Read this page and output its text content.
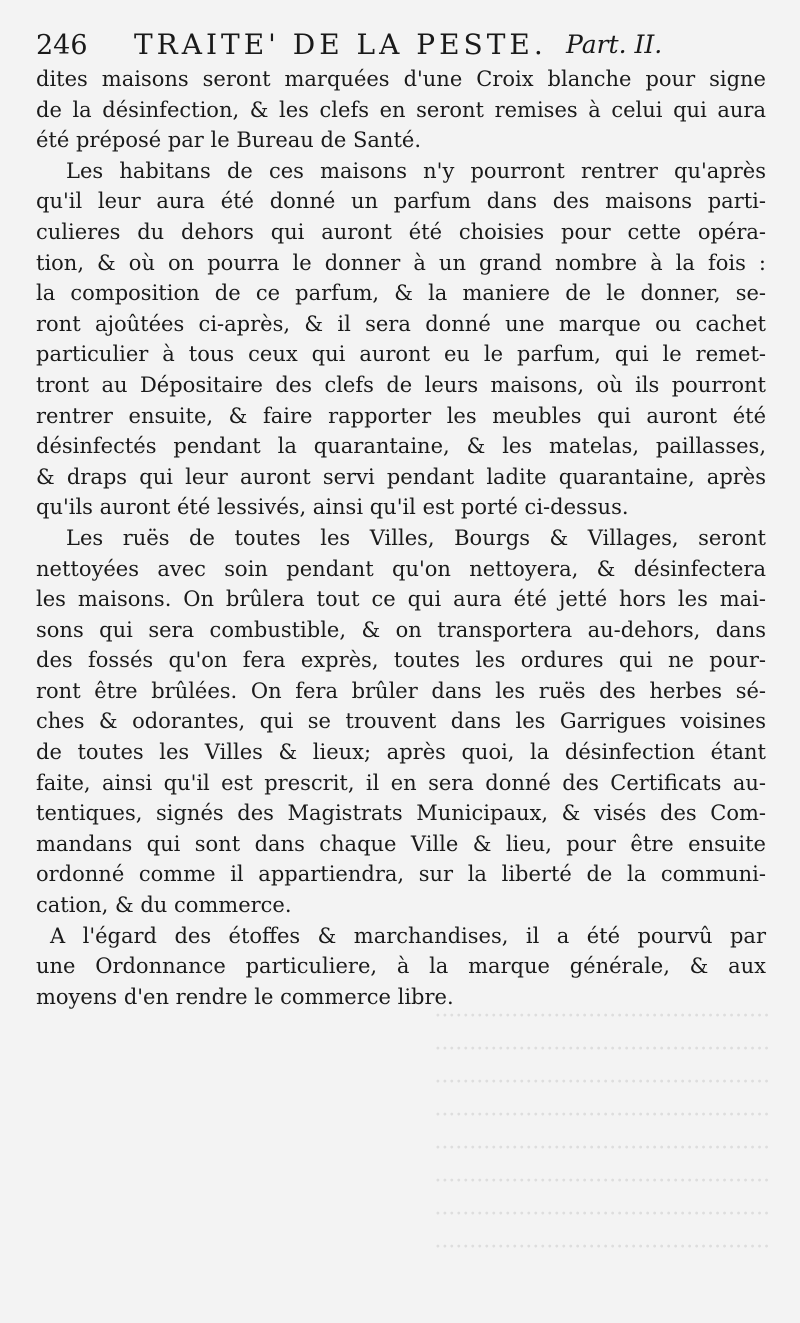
················································
················································
················································
················································
················································
················································
················································
················································
246 TRAITE' DE LA PESTE. Part. II.
dites maisons seront marquées d'une Croix blanche pour signe
de la désinfection, & les clefs en seront remises à celui qui aura
été préposé par le Bureau de Santé.
Les habitans de ces maisons n'y pourront rentrer qu'après
qu'il leur aura été donné un parfum dans des maisons parti-
culieres du dehors qui auront été choisies pour cette opéra-
tion, & où on pourra le donner à un grand nombre à la fois :
la composition de ce parfum, & la maniere de le donner, se-
ront ajoûtées ci-après, & il sera donné une marque ou cachet
particulier à tous ceux qui auront eu le parfum, qui le remet-
tront au Dépositaire des clefs de leurs maisons, où ils pourront
rentrer ensuite, & faire rapporter les meubles qui auront été
désinfectés pendant la quarantaine, & les matelas, paillasses,
& draps qui leur auront servi pendant ladite quarantaine, après
qu'ils auront été lessivés, ainsi qu'il est porté ci-dessus.
Les ruës de toutes les Villes, Bourgs & Villages, seront
nettoyées avec soin pendant qu'on nettoyera, & désinfectera
les maisons. On brûlera tout ce qui aura été jetté hors les mai-
sons qui sera combustible, & on transportera au-dehors, dans
des fossés qu'on fera exprès, toutes les ordures qui ne pour-
ront être brûlées. On fera brûler dans les ruës des herbes sé-
ches & odorantes, qui se trouvent dans les Garrigues voisines
de toutes les Villes & lieux; après quoi, la désinfection étant
faite, ainsi qu'il est prescrit, il en sera donné des Certificats au-
tentiques, signés des Magistrats Municipaux, & visés des Com-
mandans qui sont dans chaque Ville & lieu, pour être ensuite
ordonné comme il appartiendra, sur la liberté de la communi-
cation, & du commerce.
A l'égard des étoffes & marchandises, il a été pourvû par
une Ordonnance particuliere, à la marque générale, & aux
moyens d'en rendre le commerce libre.
